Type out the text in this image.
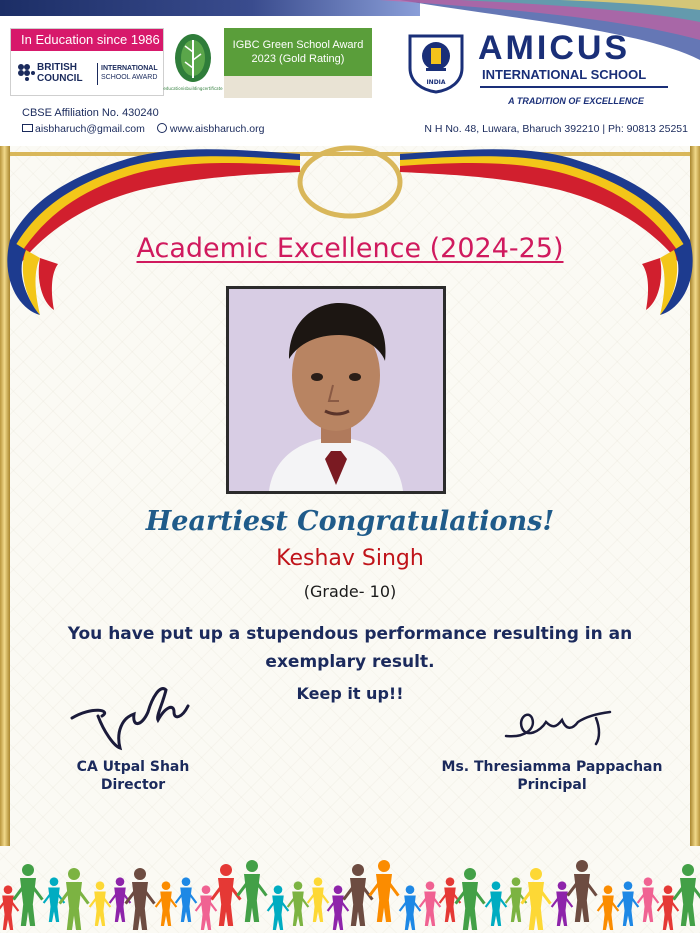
In Education since 1986
BRITISH COUNCIL
INTERNATIONAL
SCHOOL AWARD
educationisbuildingcertificate
IGBC Green School Award
2023 (Gold Rating)
INDIA
AMICUS
INTERNATIONAL SCHOOL
A TRADITION OF EXCELLENCE
CBSE Affiliation No. 430240
aisbharuch@gmail.com www.aisbharuch.org	N H No. 48, Luwara, Bharuch 392210 | Ph: 90813 25251
Academic Excellence (2024-25)
Heartiest Congratulations!
Keshav Singh
(Grade- 10)
You have put up a stupendous performance resulting in an exemplary result.
Keep it up!!
CA Utpal Shah
Director
Ms. Thresiamma Pappachan
Principal
